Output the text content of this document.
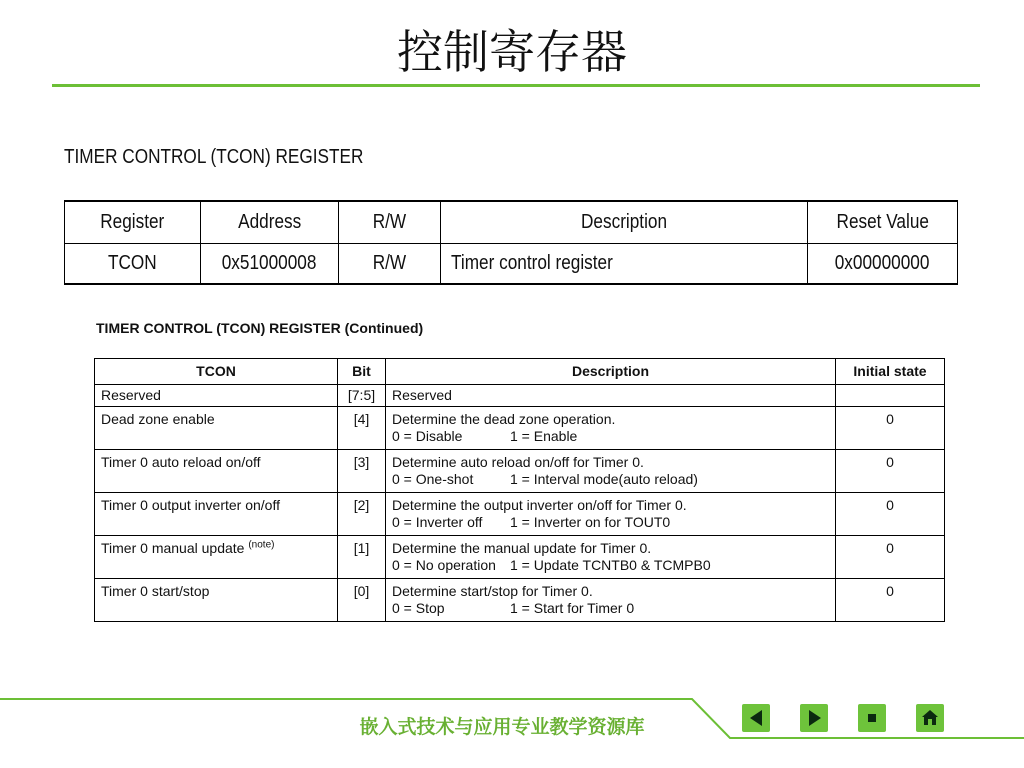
控制寄存器
TIMER CONTROL (TCON) REGISTER
Register	Address	R/W	Description	Reset Value
TCON	0x51000008	R/W	Timer control register	0x00000000
TIMER CONTROL (TCON) REGISTER (Continued)
TCON	Bit	Description	Initial state
Reserved	[7:5]	Reserved	

Dead zone enable	[4]	Determine the dead zone operation.
0 = Disable 1 = Enable	0
Timer 0 auto reload on/off	[3]	Determine auto reload on/off for Timer 0.
0 = One-shot 1 = Interval mode(auto reload)	0
Timer 0 output inverter on/off	[2]	Determine the output inverter on/off for Timer 0.
0 = Inverter off 1 = Inverter on for TOUT0	0
Timer 0 manual update $^{(note)}$	[1]	Determine the manual update for Timer 0.
0 = No operation 1 = Update TCNTB0 & TCMPB0	0
Timer 0 start/stop	[0]	Determine start/stop for Timer 0.
0 = Stop 1 = Start for Timer 0	0
嵌入式技术与应用专业教学资源库
